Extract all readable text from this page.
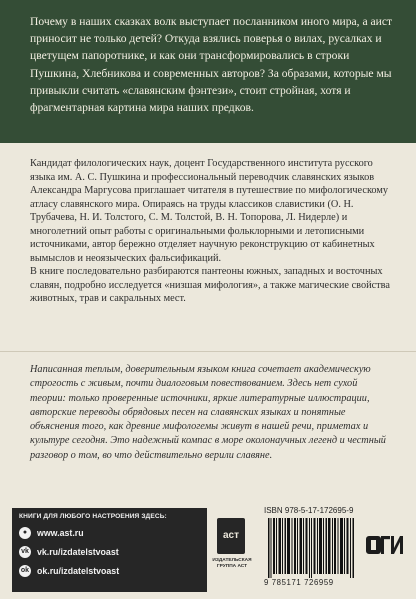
Почему в наших сказках волк выступает посланником иного мира, а аист приносит не только детей? Откуда взялись поверья о вилах, русалках и цветущем папоротнике, и как они трансформировались в строки Пушкина, Хлебникова и современных авторов? За образами, которые мы привыкли считать «славянским фэнтези», стоит стройная, хотя и фрагментарная картина мира наших предков.

Кандидат филологических наук, доцент Государственного института русского языка им. А. С. Пушкина и профессиональный переводчик славянских языков Александра Маргусова приглашает читателя в путешествие по мифологическому атласу славянского мира. Опираясь на труды классиков славистики (О. Н. Трубачева, Н. И. Толстого, С. М. Толстой, В. Н. Топорова, Л. Нидерле) и многолетний опыт работы с оригинальными фольклорными и летописными источниками, автор бережно отделяет научную реконструкцию от кабинетных вымыслов и неоязыческих фальсификаций.

В книге последовательно разбираются пантеоны южных, западных и восточных славян, подробно исследуется «низшая мифология», а также магические свойства животных, трав и сакральных мест.

Написанная теплым, доверительным языком книга сочетает академическую строгость с живым, почти диалоговым повествованием. Здесь нет сухой теории: только проверенные источники, яркие литературные иллюстрации, авторские переводы обрядовых песен на славянских языках и понятные объяснения того, как древние мифологемы живут в нашей речи, приметах и культуре сегодня. Это надежный компас в море околонаучных легенд и честный разговор о том, во что действительно верили славяне.

КНИГИ ДЛЯ ЛЮБОГО НАСТРОЕНИЯ ЗДЕСЬ:
●	www.ast.ru
vk vk.ru/izdatelstvoast
ok ok.ru/izdatelstvoast
аст
ИЗДАТЕЛЬСКАЯ ГРУППА АСТ
ISBN 978-5-17-172695-9
9 785171 726959
